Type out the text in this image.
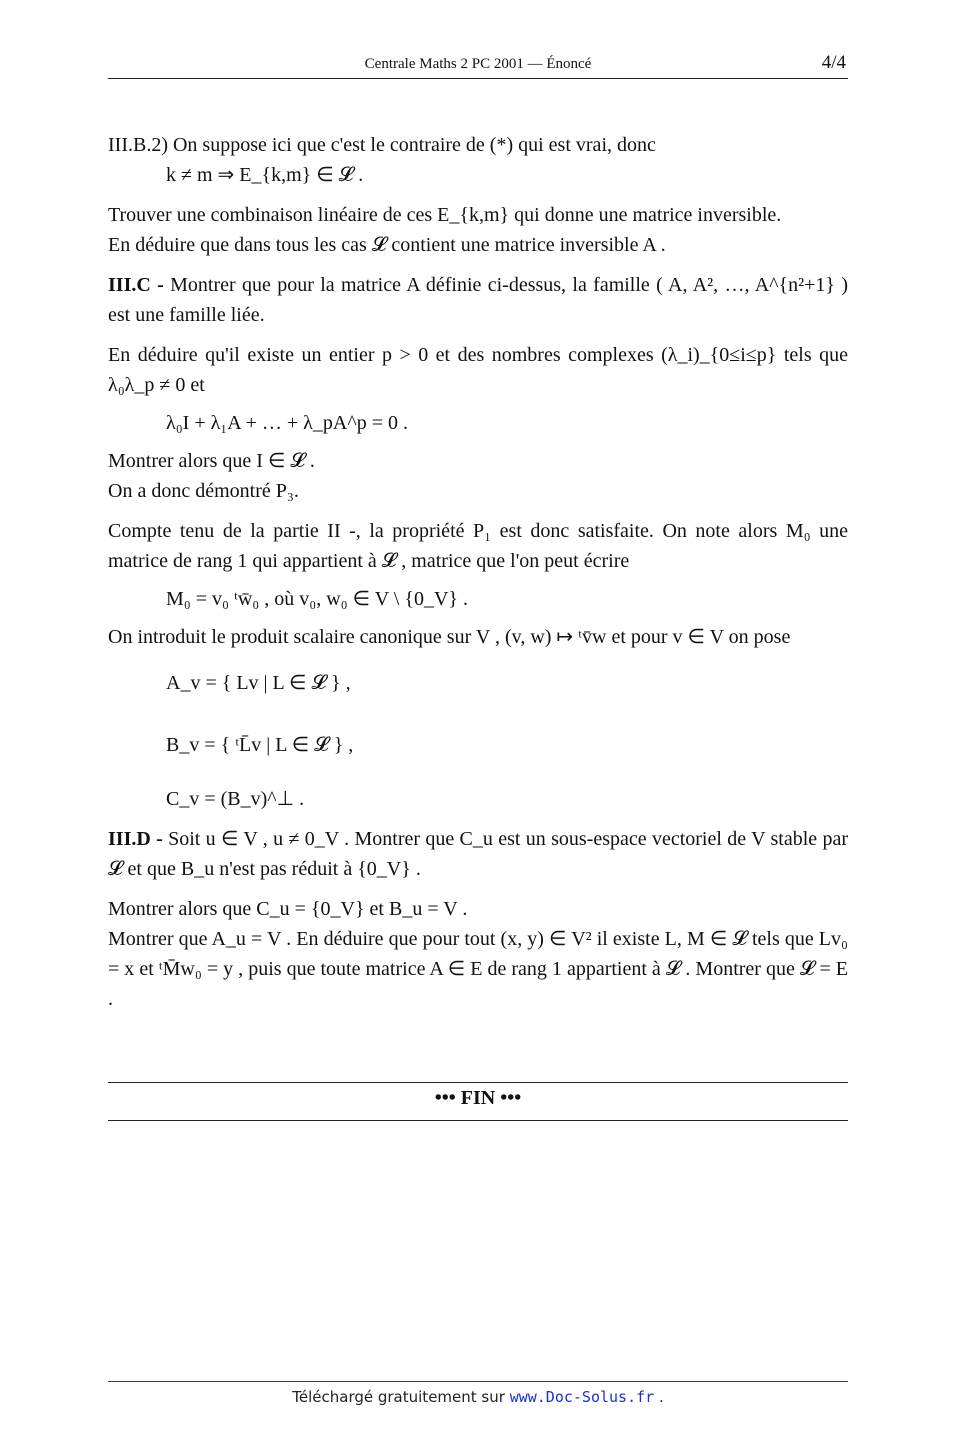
Centrale Maths 2 PC 2001 — Énoncé	4/4

III.B.2) On suppose ici que c'est le contraire de (*) qui est vrai, donc

k ≠ m ⇒ E_{k,m} ∈ 𝓛 .

Trouver une combinaison linéaire de ces E_{k,m} qui donne une matrice inversible.

En déduire que dans tous les cas 𝓛 contient une matrice inversible A .

III.C - Montrer que pour la matrice A définie ci-dessus, la famille ( A, A², …, A^{n²+1} ) est une famille liée.

En déduire qu'il existe un entier p > 0 et des nombres complexes (λ_i)_{0≤i≤p} tels que λ₀λ_p ≠ 0 et

λ₀I + λ₁A + … + λ_pA^p = 0 .

Montrer alors que I ∈ 𝓛 .

On a donc démontré P₃.

Compte tenu de la partie II -, la propriété P₁ est donc satisfaite. On note alors M₀ une matrice de rang 1 qui appartient à 𝓛 , matrice que l'on peut écrire

M₀ = v₀ ᵗw̄₀ , où v₀, w₀ ∈ V \ {0_V} .

On introduit le produit scalaire canonique sur V , (v, w) ↦ ᵗv̄w et pour v ∈ V on pose

A_v = { Lv | L ∈ 𝓛 } ,

B_v = { ᵗL̄v | L ∈ 𝓛 } ,

C_v = (B_v)^⊥ .

III.D - Soit u ∈ V , u ≠ 0_V . Montrer que C_u est un sous-espace vectoriel de V stable par 𝓛 et que B_u n'est pas réduit à {0_V} .

Montrer alors que C_u = {0_V} et B_u = V .

Montrer que A_u = V . En déduire que pour tout (x, y) ∈ V² il existe L, M ∈ 𝓛 tels que Lv₀ = x et ᵗM̄w₀ = y , puis que toute matrice A ∈ E de rang 1 appartient à 𝓛 . Montrer que 𝓛 = E .

••• FIN •••
Téléchargé gratuitement sur www.Doc-Solus.fr .
